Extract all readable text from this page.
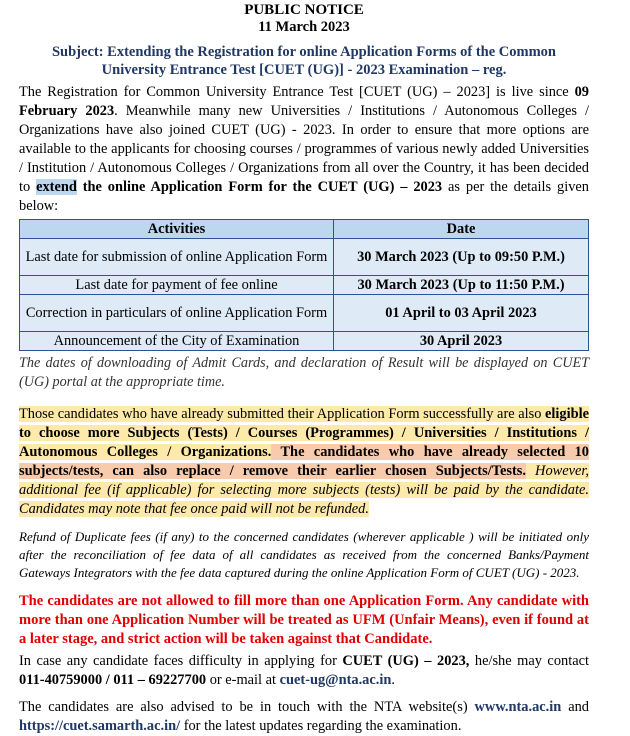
PUBLIC NOTICE
11 March 2023
Subject: Extending the Registration for online Application Forms of the Common
University Entrance Test [CUET (UG)] - 2023 Examination – reg.

The Registration for Common University Entrance Test [CUET (UG) – 2023] is live since 09 February 2023. Meanwhile many new Universities / Institutions / Autonomous Colleges / Organizations have also joined CUET (UG) - 2023. In order to ensure that more options are available to the applicants for choosing courses / programmes of various newly added Universities / Institution / Autonomous Colleges / Organizations from all over the Country, it has been decided to extend the online Application Form for the CUET (UG) – 2023 as per the details given below:

Activities	Date
Last date for submission of online Application Form	30 March 2023 (Up to 09:50 P.M.)
Last date for payment of fee online	30 March 2023 (Up to 11:50 P.M.)
Correction in particulars of online Application Form	01 April to 03 April 2023
Announcement of the City of Examination	30 April 2023

The dates of downloading of Admit Cards, and declaration of Result will be displayed on CUET (UG) portal at the appropriate time.

Those candidates who have already submitted their Application Form successfully are also eligible to choose more Subjects (Tests) / Courses (Programmes) / Universities / Institutions / Autonomous Colleges / Organizations. The candidates who have already selected 10 subjects/tests, can also replace / remove their earlier chosen Subjects/Tests. However, additional fee (if applicable) for selecting more subjects (tests) will be paid by the candidate. Candidates may note that fee once paid will not be refunded.

Refund of Duplicate fees (if any) to the concerned candidates (wherever applicable ) will be initiated only after the reconciliation of fee data of all candidates as received from the concerned Banks/Payment Gateways Integrators with the fee data captured during the online Application Form of CUET (UG) - 2023.

The candidates are not allowed to fill more than one Application Form. Any candidate with more than one Application Number will be treated as UFM (Unfair Means), even if found at a later stage, and strict action will be taken against that Candidate.

In case any candidate faces difficulty in applying for CUET (UG) – 2023, he/she may contact 011-40759000 / 011 – 69227700 or e-mail at cuet-ug@nta.ac.in.

The candidates are also advised to be in touch with the NTA website(s) www.nta.ac.in and https://cuet.samarth.ac.in/ for the latest updates regarding the examination.
